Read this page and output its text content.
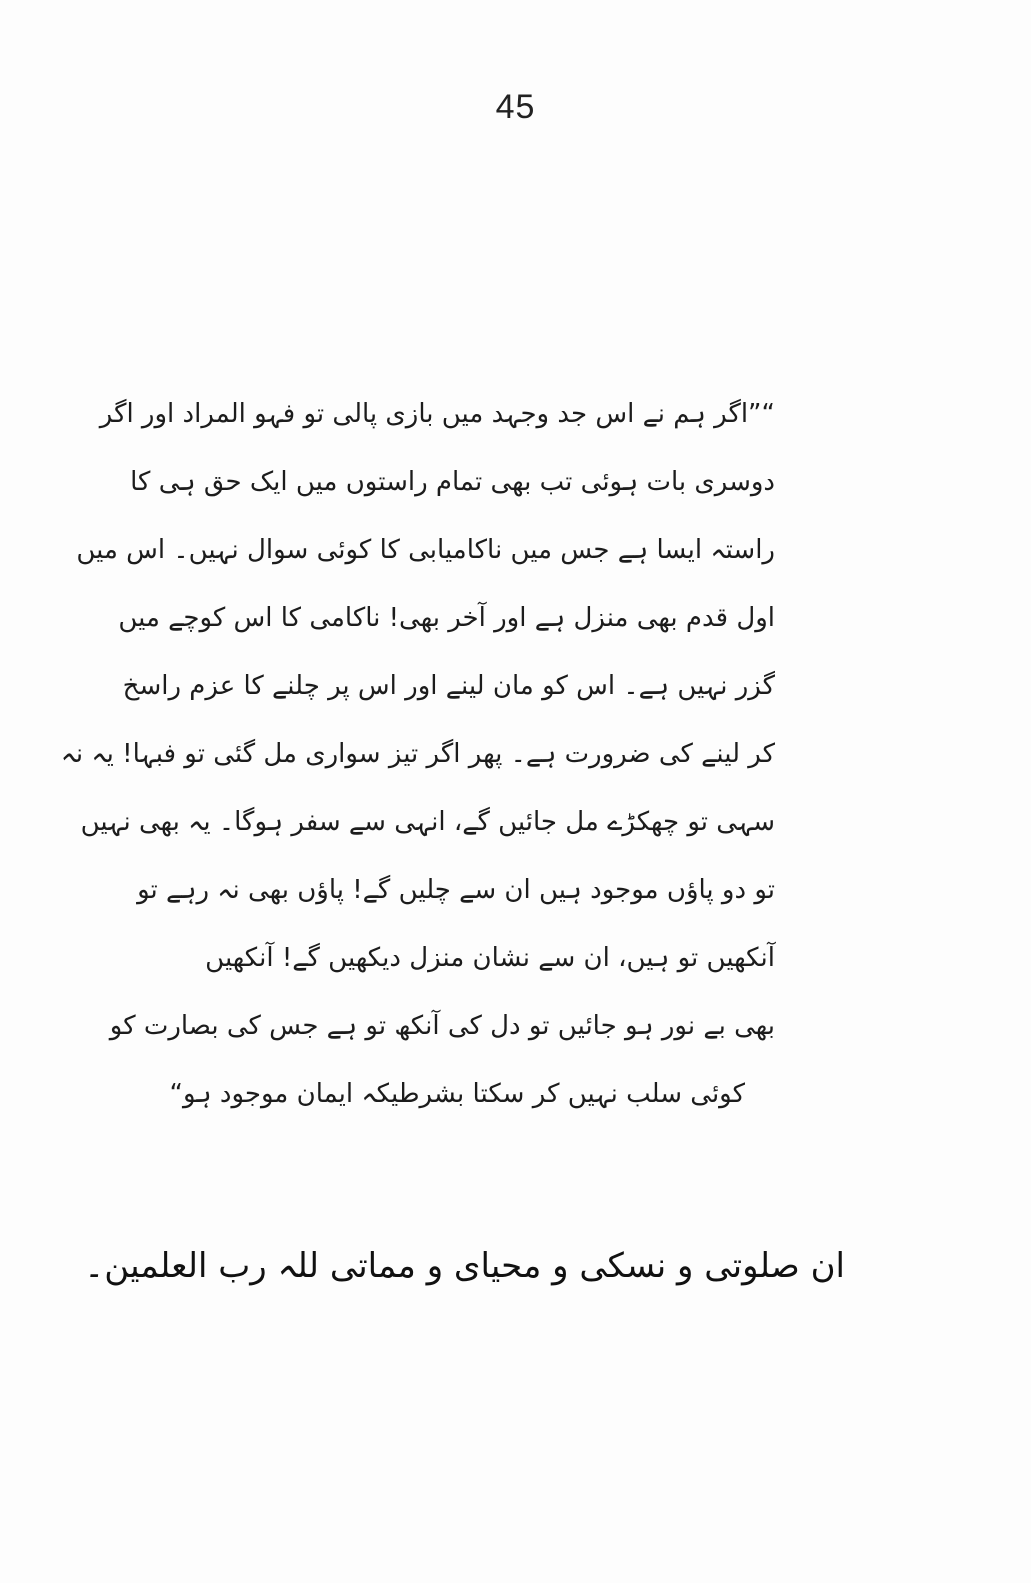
45
“”اگر ہم نے اس جد وجہد میں بازی پالی تو فہو المراد اور اگر
دوسری بات ہوئی تب بھی تمام راستوں میں ایک حق ہی کا
راستہ ایسا ہے جس میں ناکامیابی کا کوئی سوال نہیں۔ اس میں
اول قدم بھی منزل ہے اور آخر بھی! ناکامی کا اس کوچے میں
گزر نہیں ہے۔ اس کو مان لینے اور اس پر چلنے کا عزم راسخ
کر لینے کی ضرورت ہے۔ پھر اگر تیز سواری مل گئی تو فبہا! یہ نہ
سہی تو چھکڑے مل جائیں گے، انہی سے سفر ہوگا۔ یہ بھی نہیں
تو دو پاؤں موجود ہیں ان سے چلیں گے! پاؤں بھی نہ رہے تو
آنکھیں تو ہیں، ان سے نشان منزل دیکھیں گے! آنکھیں
بھی بے نور ہو جائیں تو دل کی آنکھ تو ہے جس کی بصارت کو
کوئی سلب نہیں کر سکتا بشرطیکہ ایمان موجود ہو“
ان صلوتی و نسکی و محیای و مماتی للہ رب العلمین۔
